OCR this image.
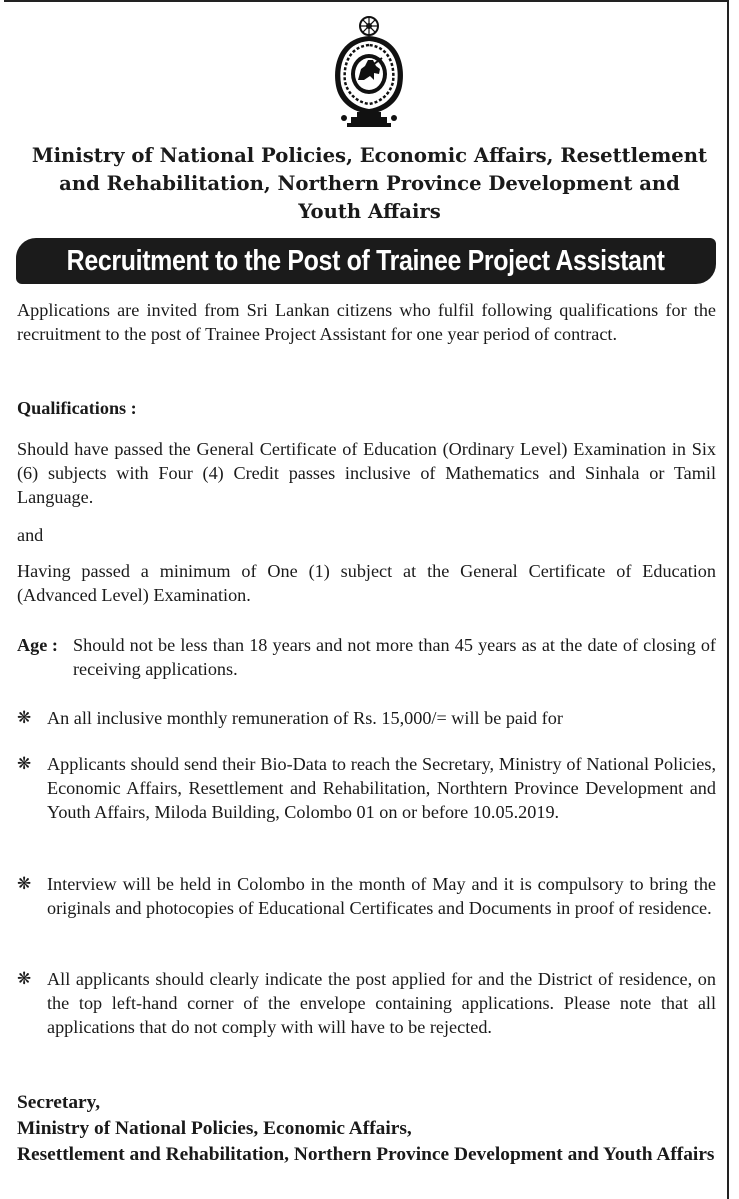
Ministry of National Policies, Economic Affairs, Resettlement
and Rehabilitation, Northern Province Development and
Youth Affairs
Recruitment to the Post of Trainee Project Assistant
Applications are invited from Sri Lankan citizens who fulfil following qualifications for the recruitment to the post of Trainee Project Assistant for one year period of contract.
Qualifications :
Should have passed the General Certificate of Education (Ordinary Level) Examination in Six (6) subjects with Four (4) Credit passes inclusive of Mathematics and Sinhala or Tamil Language.
and
Having passed a minimum of One (1) subject at the General Certificate of Education (Advanced Level) Examination.
Age : Should not be less than 18 years and not more than 45 years as at the date of closing of receiving applications.
❋ An all inclusive monthly remuneration of Rs. 15,000/= will be paid for
❋ Applicants should send their Bio-Data to reach the Secretary, Ministry of National Policies, Economic Affairs, Resettlement and Rehabilitation, Northtern Province Development and Youth Affairs, Miloda Building, Colombo 01 on or before 10.05.2019.
❋ Interview will be held in Colombo in the month of May and it is compulsory to bring the originals and photocopies of Educational Certificates and Documents in proof of residence.
❋ All applicants should clearly indicate the post applied for and the District of residence, on the top left-hand corner of the envelope containing applications. Please note that all applications that do not comply with will have to be rejected.
Secretary,
Ministry of National Policies, Economic Affairs,
Resettlement and Rehabilitation, Northern Province Development and Youth Affairs
